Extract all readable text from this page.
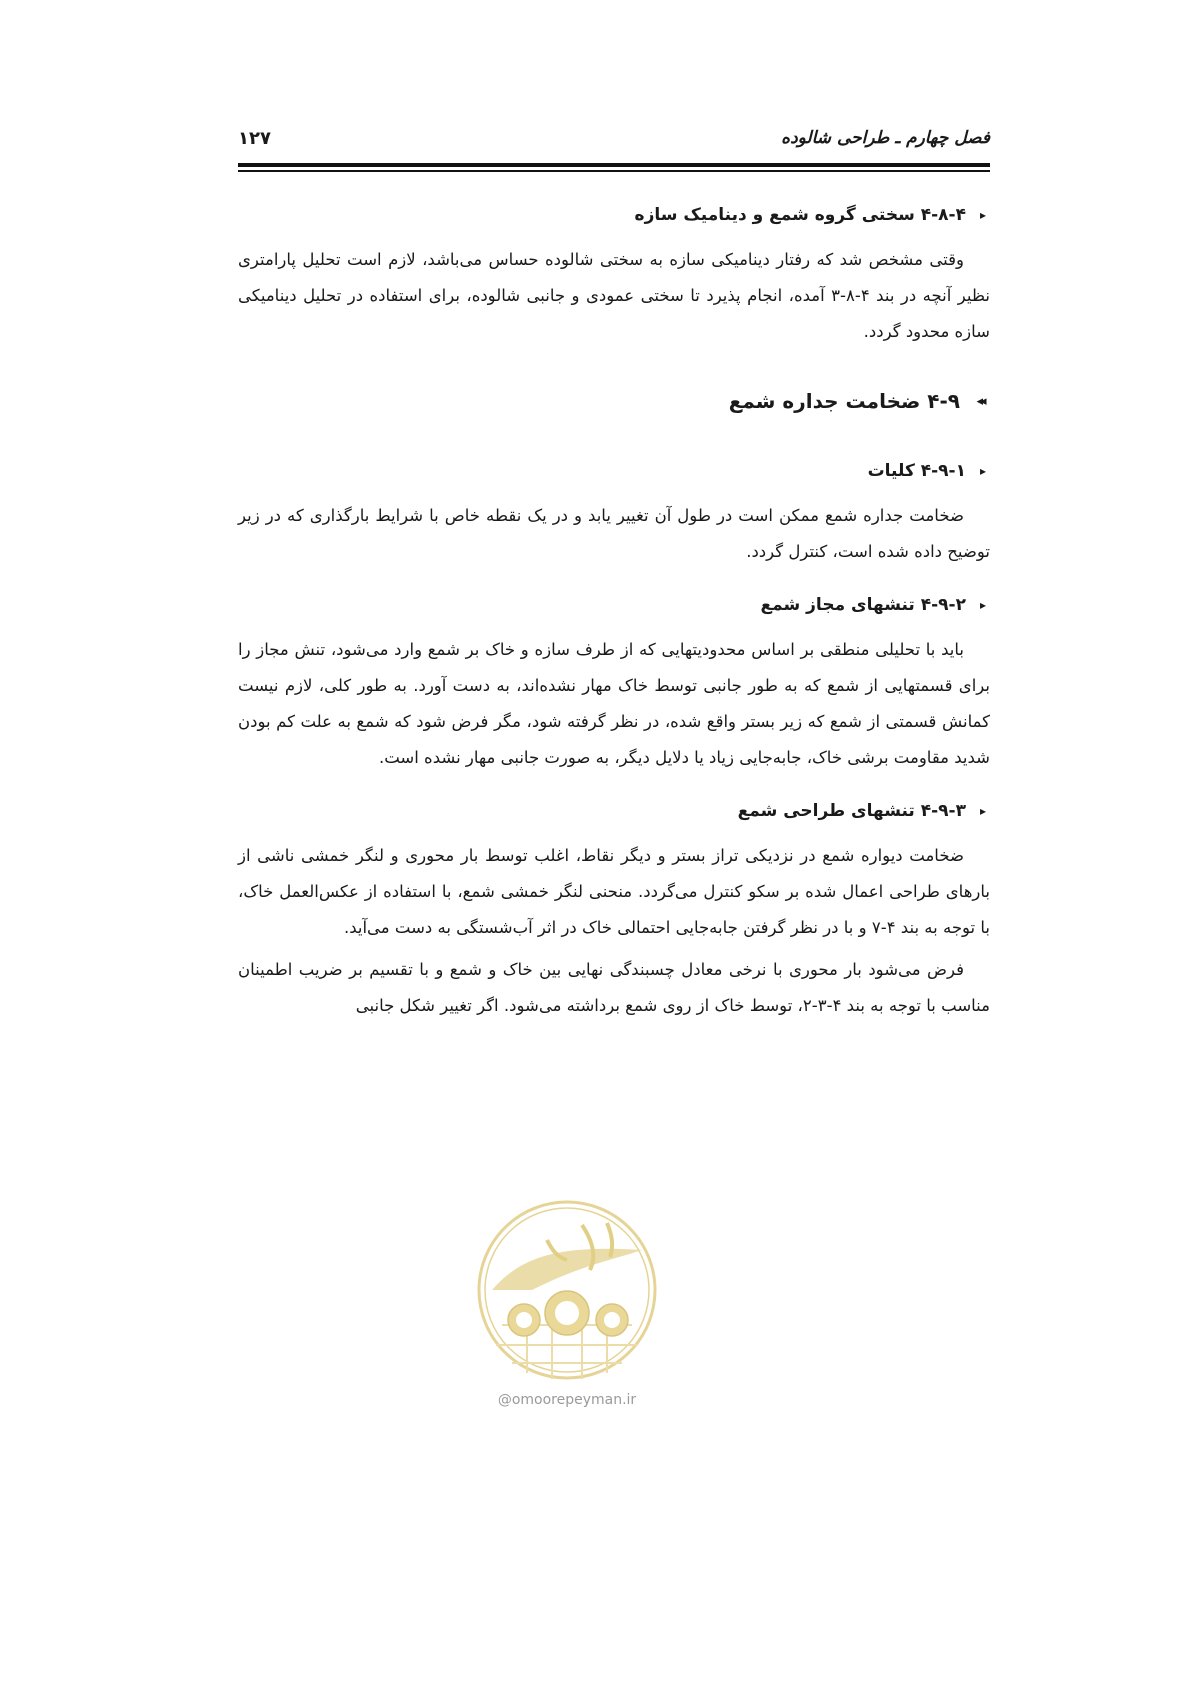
فصل چهارم ـ طراحی شالوده
۱۲۷
▸
۴-۸-۴ سختی گروه شمع و دینامیک سازه

وقتی مشخص شد که رفتار دینامیکی سازه به سختی شالوده حساس می‌باشد، لازم است تحلیل پارامتری نظیر آنچه در بند ۴-۸-۳ آمده، انجام پذیرد تا سختی عمودی و جانبی شالوده، برای استفاده در تحلیل دینامیکی سازه محدود گردد.

◂◂
۴-۹ ضخامت جداره شمع
▸
۴-۹-۱ کلیات

ضخامت جداره شمع ممکن است در طول آن تغییر یابد و در یک نقطه خاص با شرایط بارگذاری که در زیر توضیح داده شده است، کنترل گردد.

▸
۴-۹-۲ تنشهای مجاز شمع

باید با تحلیلی منطقی بر اساس محدودیتهایی که از طرف سازه و خاک بر شمع وارد می‌شود، تنش مجاز را برای قسمتهایی از شمع که به طور جانبی توسط خاک مهار نشده‌اند، به دست آورد. به طور کلی، لازم نیست کمانش قسمتی از شمع که زیر بستر واقع شده، در نظر گرفته شود، مگر فرض شود که شمع به علت کم بودن شدید مقاومت برشی خاک، جابه‌جایی زیاد یا دلایل دیگر، به صورت جانبی مهار نشده است.

▸
۴-۹-۳ تنشهای طراحی شمع

ضخامت دیواره شمع در نزدیکی تراز بستر و دیگر نقاط، اغلب توسط بار محوری و لنگر خمشی ناشی از بارهای طراحی اعمال شده بر سکو کنترل می‌گردد. منحنی لنگر خمشی شمع، با استفاده از عکس‌العمل خاک، با توجه به بند ۴-۷ و با در نظر گرفتن جابه‌جایی احتمالی خاک در اثر آب‌شستگی به دست می‌آید.

فرض می‌شود بار محوری با نرخی معادل چسبندگی نهایی بین خاک و شمع و با تقسیم بر ضریب اطمینان مناسب با توجه به بند ۴-۳-۲، توسط خاک از روی شمع برداشته می‌شود. اگر تغییر شکل جانبی

@omoorepeyman.ir
